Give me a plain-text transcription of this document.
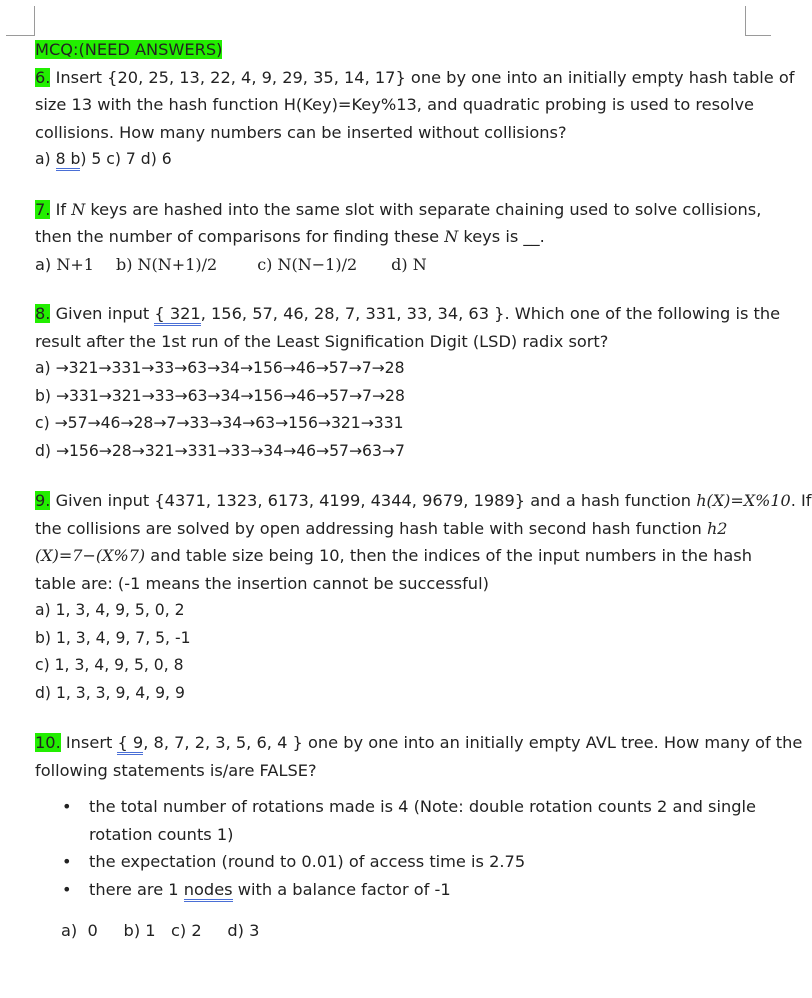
MCQ:(NEED ANSWERS)
6. Insert {20, 25, 13, 22, 4, 9, 29, 35, 14, 17} one by one into an initially empty hash table of
size 13 with the hash function H(Key)=Key%13, and quadratic probing is used to resolve
collisions. How many numbers can be inserted without collisions?
a) 8 b) 5 c) 7 d) 6
7. If N keys are hashed into the same slot with separate chaining used to solve collisions,
then the number of comparisons for finding these N keys is __.
a) N+1 b) N(N+1)/2	c) N(N−1)/2 d) N
8. Given input { 321, 156, 57, 46, 28, 7, 331, 33, 34, 63 }. Which one of the following is the
result after the 1st run of the Least Signification Digit (LSD) radix sort?
a) →321→331→33→63→34→156→46→57→7→28
b) →331→321→33→63→34→156→46→57→7→28
c) →57→46→28→7→33→34→63→156→321→331
d) →156→28→321→331→33→34→46→57→63→7
9. Given input {4371, 1323, 6173, 4199, 4344, 9679, 1989} and a hash function h(X)=X%10. If
the collisions are solved by open addressing hash table with second hash function h2
(X)=7−(X%7) and table size being 10, then the indices of the input numbers in the hash
table are: (-1 means the insertion cannot be successful)
a) 1, 3, 4, 9, 5, 0, 2
b) 1, 3, 4, 9, 7, 5, -1
c) 1, 3, 4, 9, 5, 0, 8
d) 1, 3, 3, 9, 4, 9, 9
10. Insert { 9, 8, 7, 2, 3, 5, 6, 4 } one by one into an initially empty AVL tree. How many of the
following statements is/are FALSE?
• the total number of rotations made is 4 (Note: double rotation counts 2 and single
rotation counts 1)
• the expectation (round to 0.01) of access time is 2.75
• there are 1 nodes with a balance factor of -1
a)  0     b) 1   c) 2     d) 3
